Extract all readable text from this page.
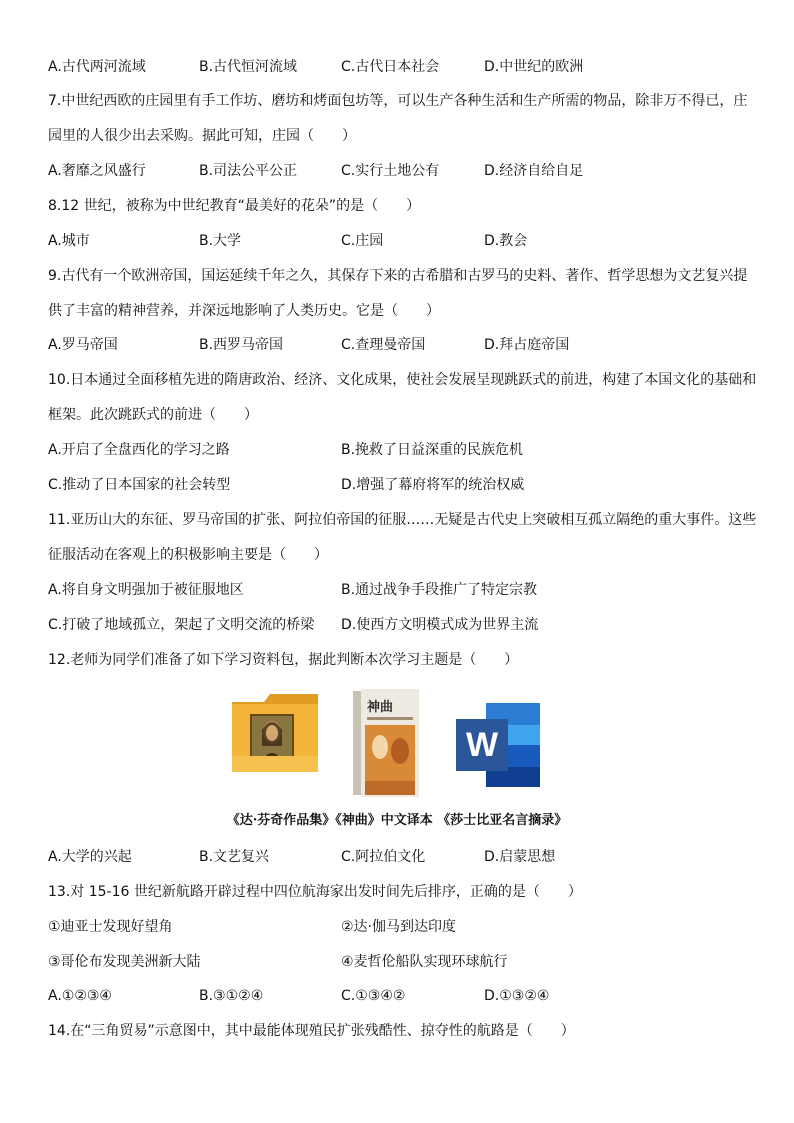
A.古代两河流域	B.古代恒河流域	C.古代日本社会	D.中世纪的欧洲
7.中世纪西欧的庄园里有手工作坊、磨坊和烤面包坊等，可以生产各种生活和生产所需的物品，除非万不得已，庄
园里的人很少出去采购。据此可知，庄园（　　）
A.奢靡之风盛行	B.司法公平公正	C.实行土地公有	D.经济自给自足
8.12 世纪，被称为中世纪教育“最美好的花朵”的是（　　）
A.城市	B.大学	C.庄园	D.教会
9.古代有一个欧洲帝国，国运延续千年之久，其保存下来的古希腊和古罗马的史料、著作、哲学思想为文艺复兴提
供了丰富的精神营养，并深远地影响了人类历史。它是（　　）
A.罗马帝国	B.西罗马帝国	C.查理曼帝国	D.拜占庭帝国
10.日本通过全面移植先进的隋唐政治、经济、文化成果，使社会发展呈现跳跃式的前进，构建了本国文化的基础和
框架。此次跳跃式的前进（　　）
A.开启了全盘西化的学习之路	B.挽救了日益深重的民族危机
C.推动了日本国家的社会转型	D.增强了幕府将军的统治权威
11.亚历山大的东征、罗马帝国的扩张、阿拉伯帝国的征服……无疑是古代史上突破相互孤立隔绝的重大事件。这些
征服活动在客观上的积极影响主要是（　　）
A.将自身文明强加于被征服地区	B.通过战争手段推广了特定宗教
C.打破了地域孤立，架起了文明交流的桥梁 D.使西方文明模式成为世界主流
12.老师为同学们准备了如下学习资料包，据此判断本次学习主题是（　　）
神曲
W
《达·芬奇作品集》《神曲》中文译本 《莎士比亚名言摘录》
A.大学的兴起	B.文艺复兴	C.阿拉伯文化	D.启蒙思想
13.对 15-16 世纪新航路开辟过程中四位航海家出发时间先后排序，正确的是（　　）
①迪亚士发现好望角	②达·伽马到达印度
③哥伦布发现美洲新大陆	④麦哲伦船队实现环球航行
A.①②③④	B.③①②④	C.①③④②	D.①③②④
14.在“三角贸易”示意图中，其中最能体现殖民扩张残酷性、掠夺性的航路是（　　）
